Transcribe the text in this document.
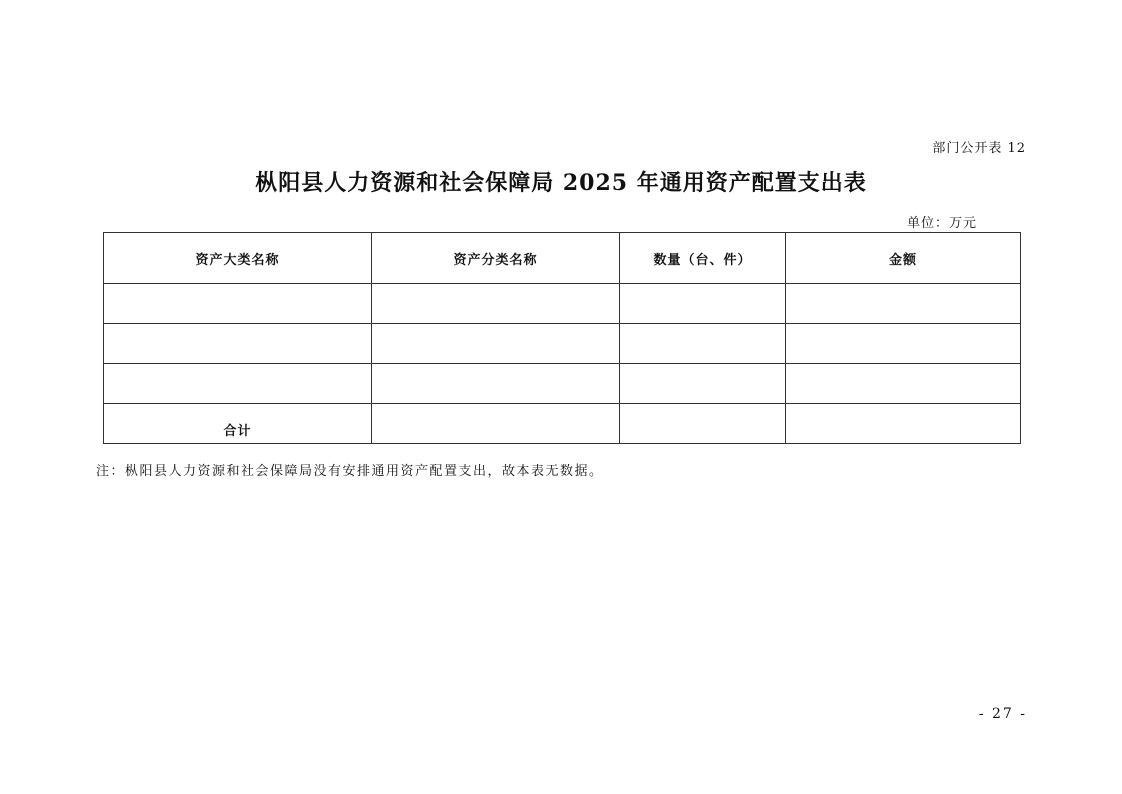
部门公开表 12
枞阳县人力资源和社会保障局 2025 年通用资产配置支出表
单位：万元
资产大类名称	资产分类名称	数量（台、件）	金额

合计			
注：枞阳县人力资源和社会保障局没有安排通用资产配置支出，故本表无数据。
- 27 -
